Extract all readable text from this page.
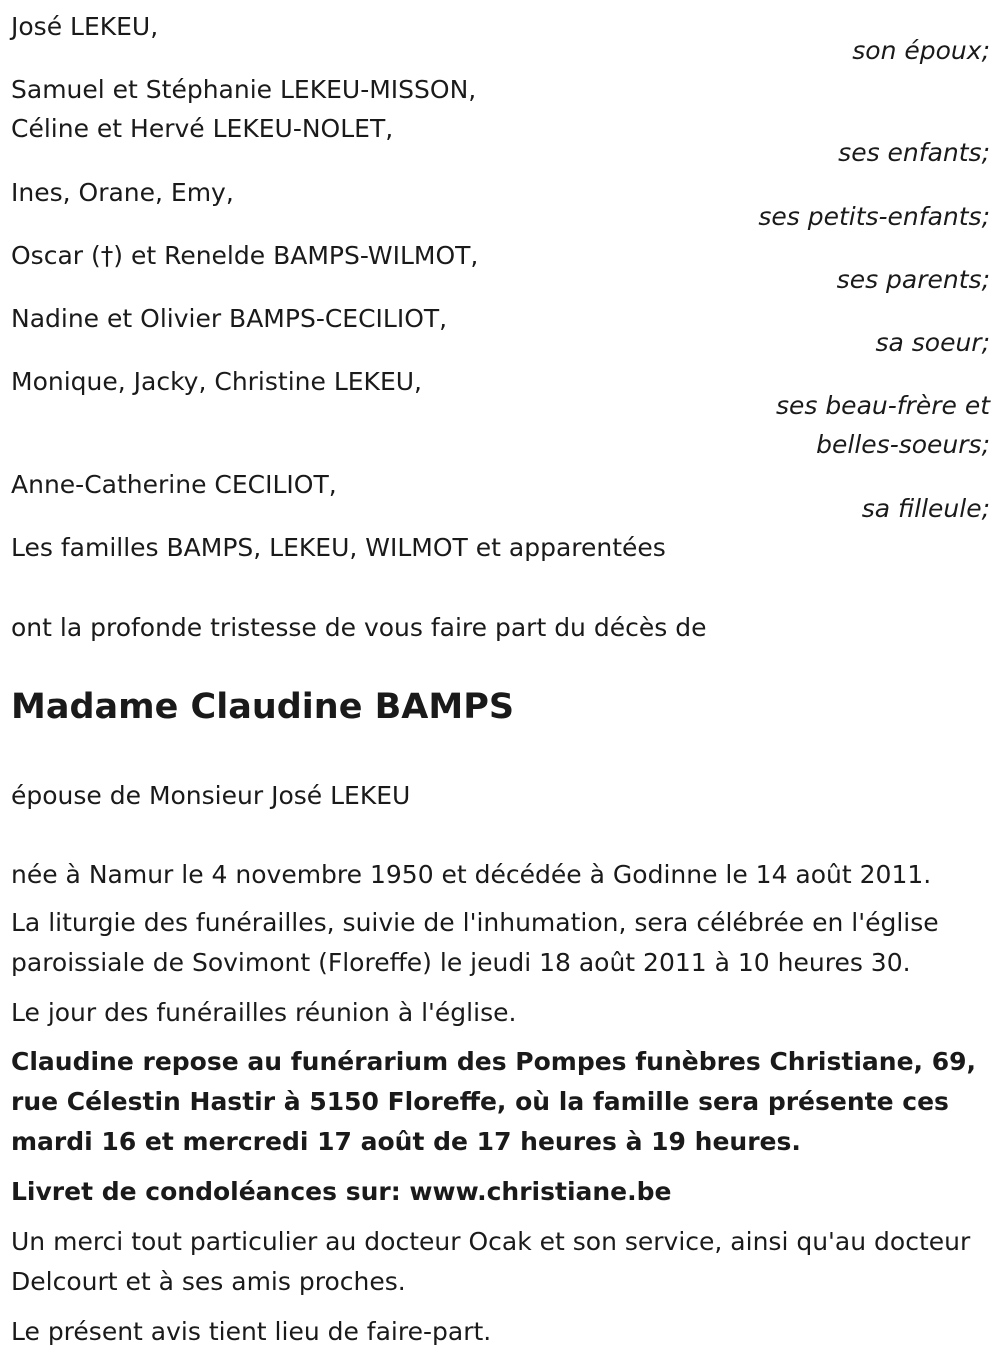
José LEKEU,
son époux;
Samuel et Stéphanie LEKEU-MISSON,
Céline et Hervé LEKEU-NOLET,
ses enfants;
Ines, Orane, Emy,
ses petits-enfants;
Oscar (†) et Renelde BAMPS-WILMOT,
ses parents;
Nadine et Olivier BAMPS-CECILIOT,
sa soeur;
Monique, Jacky, Christine LEKEU,
ses beau-frère et
belles-soeurs;
Anne-Catherine CECILIOT,
sa filleule;
Les familles BAMPS, LEKEU, WILMOT et apparentées
ont la profonde tristesse de vous faire part du décès de
Madame Claudine BAMPS
épouse de Monsieur José LEKEU
née à Namur le 4 novembre 1950 et décédée à Godinne le 14 août 2011.
La liturgie des funérailles, suivie de l'inhumation, sera célébrée en l'église paroissiale de Sovimont (Floreffe) le jeudi 18 août 2011 à 10 heures 30.
Le jour des funérailles réunion à l'église.
Claudine repose au funérarium des Pompes funèbres Christiane, 69, rue Célestin Hastir à 5150 Floreffe, où la famille sera présente ces mardi 16 et mercredi 17 août de 17 heures à 19 heures.
Livret de condoléances sur: www.christiane.be
Un merci tout particulier au docteur Ocak et son service, ainsi qu'au docteur Delcourt et à ses amis proches.
Le présent avis tient lieu de faire-part.
